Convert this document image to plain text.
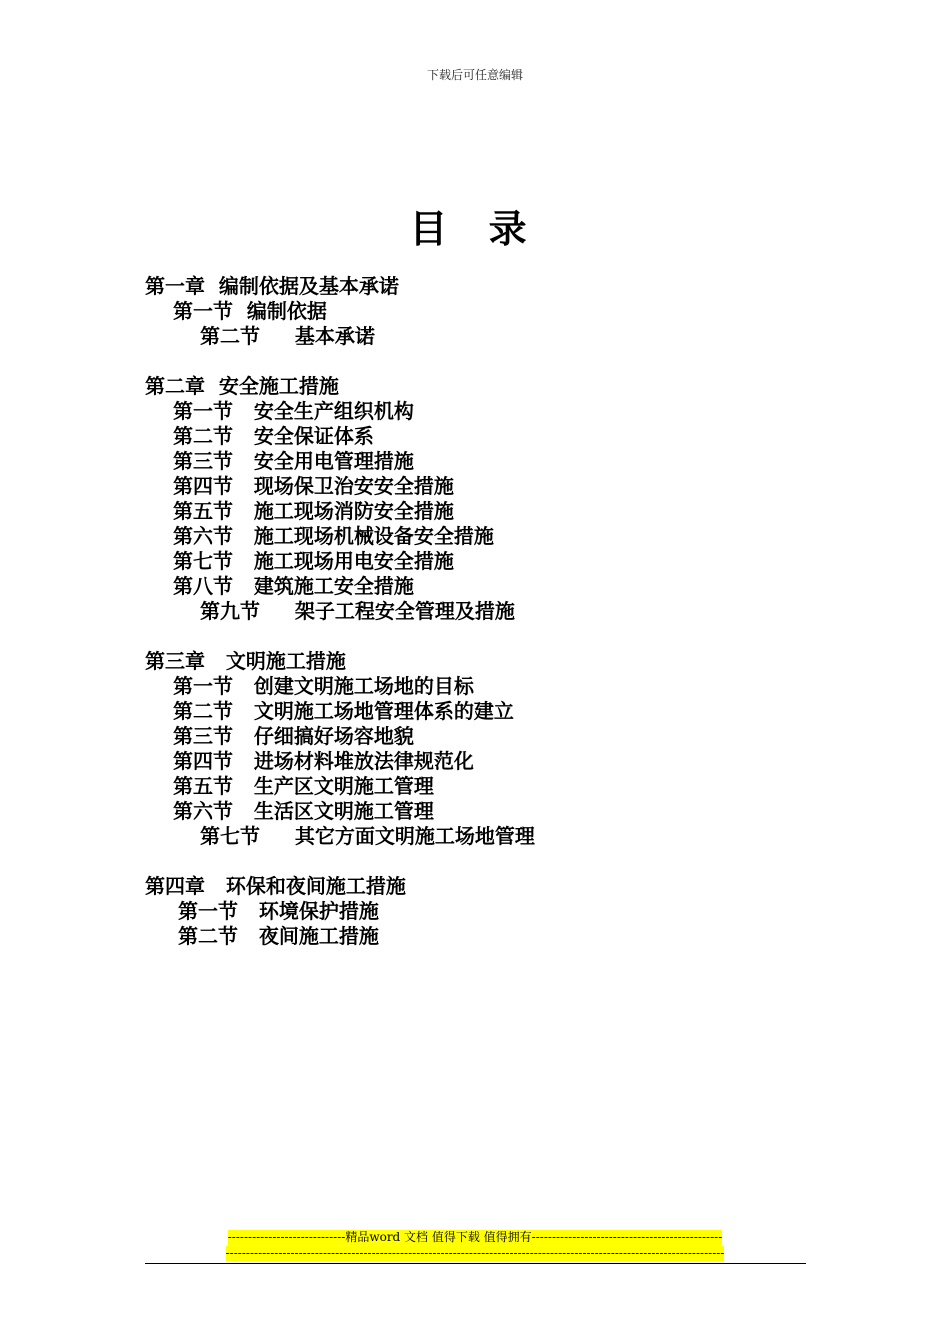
下载后可任意编辑
目 录
第一章  编制依据及基本承诺
第一节  编制依据
第二节     基本承诺
第二章  安全施工措施
第一节   安全生产组织机构
第二节   安全保证体系
第三节   安全用电管理措施
第四节   现场保卫治安安全措施
第五节   施工现场消防安全措施
第六节   施工现场机械设备安全措施
第七节   施工现场用电安全措施
第八节   建筑施工安全措施
第九节     架子工程安全管理及措施
第三章   文明施工措施
第一节   创建文明施工场地的目标
第二节   文明施工场地管理体系的建立
第三节   仔细搞好场容地貌
第四节   进场材料堆放法律规范化
第五节   生产区文明施工管理
第六节   生活区文明施工管理
第七节     其它方面文明施工场地管理
第四章   环保和夜间施工措施
第一节   环境保护措施
第二节   夜间施工措施
-----------------------------精品word 文档 值得下载 值得拥有-----------------------------------------------
---------------------------------------------------------------------------------------------------------------------------
